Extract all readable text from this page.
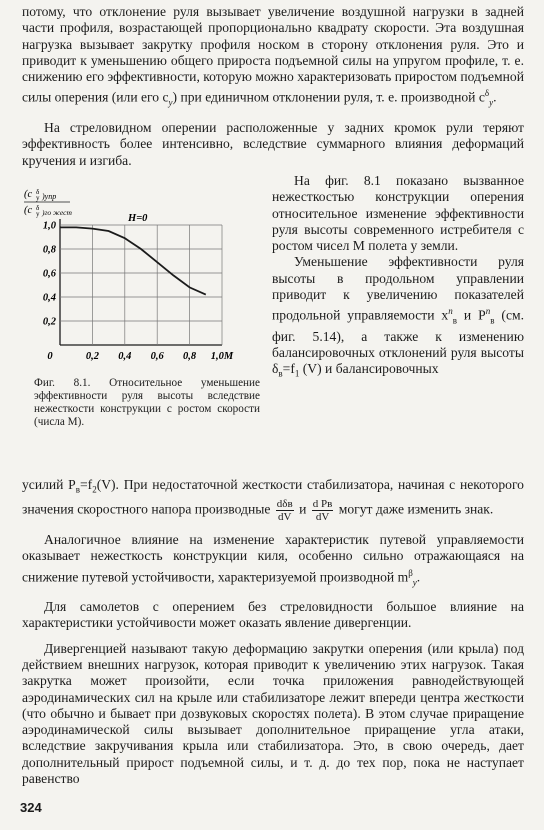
потому, что отклонение руля вызывает увеличение воздушной нагрузки в задней части профиля, возрастающей пропорционально квадрату скорости. Эта воздушная нагрузка вызывает закрутку профиля носком в сторону отклонения руля. Это и приводит к уменьшению общего прироста подъемной силы на упругом профиле, т. е. снижению его эффективности, которую можно характеризовать приростом подъемной силы оперения (или его $c_y$) при единичном отклонении руля, т. е. производной $c^\delta_y$.

На стреловидном оперении расположенные у задних кромок рули теряют эффективность более интенсивно, вследствие суммарного влияния деформаций кручения и изгиба.

1,0
0,8
0,6
0,4
0,2
0	0,2 0,4 0,6 0,8 1,0M
(c δ
y )упр
(c δ
y )го жест
H=0
Фиг. 8.1. Относительное уменьшение эффективности руля высоты вследствие нежесткости конструкции с ростом скорости (числа M).

На фиг. 8.1 показано вызванное нежесткостью конструкции оперения относительное изменение эффективности руля высоты современного истребителя с ростом чисел M полета у земли.

Уменьшение эффективности руля высоты в продольном управлении приводит к увеличению показателей продольной управляемости $x^n_в$ и $P^n_в$ (см. фиг. 5.14), а также к изменению балансировочных отклонений руля высоты $\delta_в=f_1$ (V) и балансировочных

усилий $P_в=f_2(V)$. При недостаточной жесткости стабилизатора, начиная с некоторого значения скоростного напора производные $\frac{\text{dδв}}{dV}$ и $\frac{\text{d Pв}}{dV}$ могут даже изменить знак.

Аналогичное влияние на изменение характеристик путевой управляемости оказывает нежесткость конструкции киля, особенно сильно отражающаяся на снижение путевой устойчивости, характеризуемой производной $m^\beta_y$.

Для самолетов с оперением без стреловидности большое влияние на характеристики устойчивости может оказать явление дивергенции.

Дивергенцией называют такую деформацию закрутки оперения (или крыла) под действием внешних нагрузок, которая приводит к увеличению этих нагрузок. Такая закрутка может произойти, если точка приложения равнодействующей аэродинамических сил на крыле или стабилизаторе лежит впереди центра жесткости (что обычно и бывает при дозвуковых скоростях полета). В этом случае приращение аэродинамической силы вызывает дополнительное приращение угла атаки, вследствие закручивания крыла или стабилизатора. Это, в свою очередь, дает дополнительный прирост подъемной силы, и т. д. до тех пор, пока не наступает равенство

324
